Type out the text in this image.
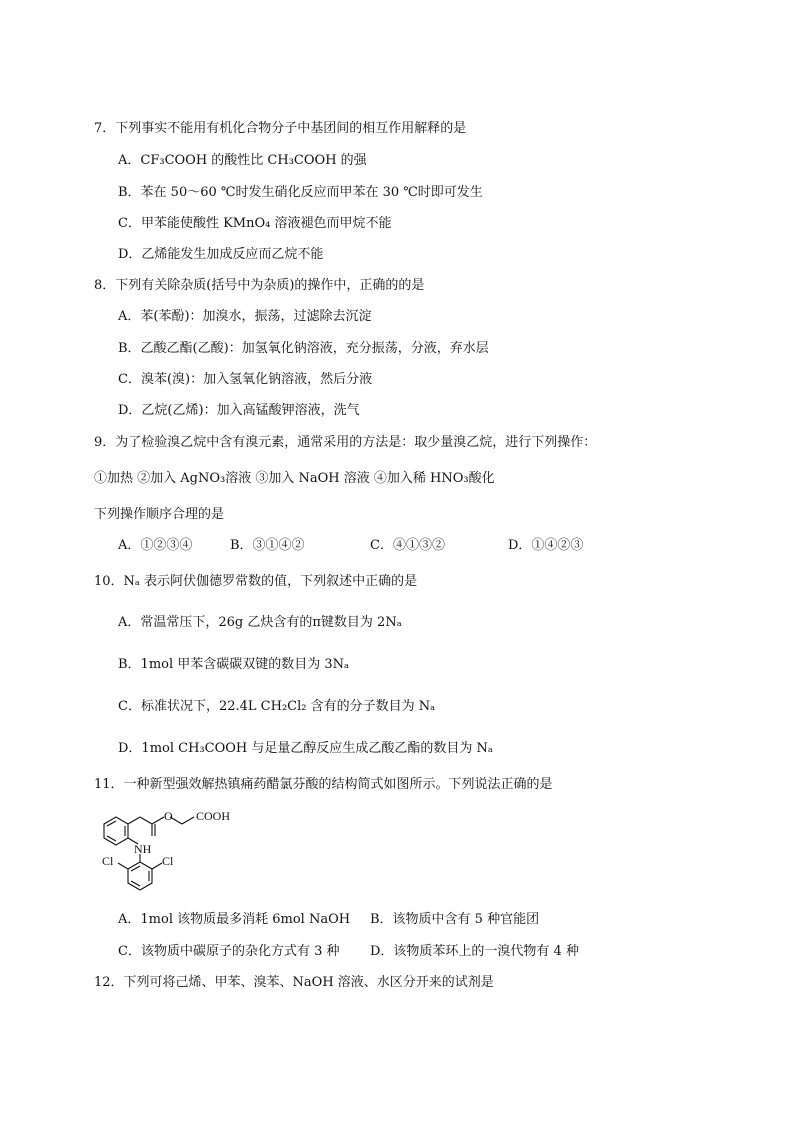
7．下列事实不能用有机化合物分子中基团间的相互作用解释的是
A．CF₃COOH 的酸性比 CH₃COOH 的强
B．苯在 50～60 ℃时发生硝化反应而甲苯在 30 ℃时即可发生
C．甲苯能使酸性 KMnO₄ 溶液褪色而甲烷不能
D．乙烯能发生加成反应而乙烷不能
8．下列有关除杂质(括号中为杂质)的操作中，正确的的是
A．苯(苯酚)：加溴水，振荡，过滤除去沉淀
B．乙酸乙酯(乙酸)：加氢氧化钠溶液，充分振荡，分液，弃水层
C．溴苯(溴)：加入氢氧化钠溶液，然后分液
D．乙烷(乙烯)：加入高锰酸钾溶液，洗气
9．为了检验溴乙烷中含有溴元素，通常采用的方法是：取少量溴乙烷，进行下列操作：
①加热 ②加入 AgNO₃溶液 ③加入 NaOH 溶液 ④加入稀 HNO₃酸化
下列操作顺序合理的是
A．①②③④	B．③①④②	C．④①③②	D．①④②③
10．Nₐ 表示阿伏伽德罗常数的值，下列叙述中正确的是
A．常温常压下，26g 乙炔含有的π键数目为 2Nₐ
B．1mol 甲苯含碳碳双键的数目为 3Nₐ
C．标准状况下，22.4L CH₂Cl₂ 含有的分子数目为 Nₐ
D．1mol CH₃COOH 与足量乙醇反应生成乙酸乙酯的数目为 Nₐ
11．一种新型强效解热镇痛药醋氯芬酸的结构简式如图所示。下列说法正确的是
O COOH
NH
Cl	Cl
A．1mol 该物质最多消耗 6mol NaOH B．该物质中含有 5 种官能团
C．该物质中碳原子的杂化方式有 3 种 D．该物质苯环上的一溴代物有 4 种
12．下列可将己烯、甲苯、溴苯、NaOH 溶液、水区分开来的试剂是
